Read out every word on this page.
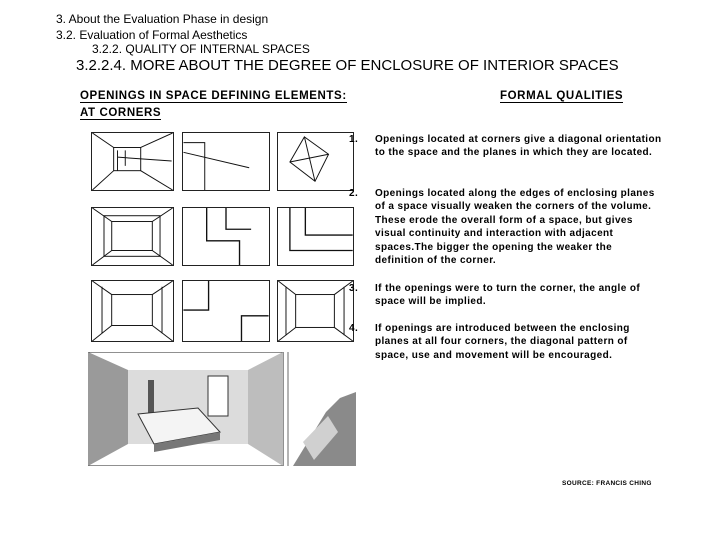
3. About the Evaluation Phase in design
3.2. Evaluation of Formal Aesthetics
3.2.2. QUALITY OF INTERNAL SPACES
3.2.2.4. MORE ABOUT THE DEGREE OF ENCLOSURE OF INTERIOR SPACES
OPENINGS IN SPACE DEFINING ELEMENTS:
AT CORNERS
FORMAL QUALITIES
1. Openings located at corners give a diagonal orientation to the space and the planes in which they are located.
2. Openings located along the edges of enclosing planes of a space visually weaken the corners of the volume. These erode the overall form of a space, but gives visual continuity and interaction with adjacent spaces.The bigger the opening the weaker the definition of the corner.
3. If the openings were to turn the corner, the angle of space will be implied.
4. If openings are introduced between the enclosing planes at all four corners, the diagonal pattern of space, use and movement will be encouraged.
SOURCE: FRANCIS CHING
